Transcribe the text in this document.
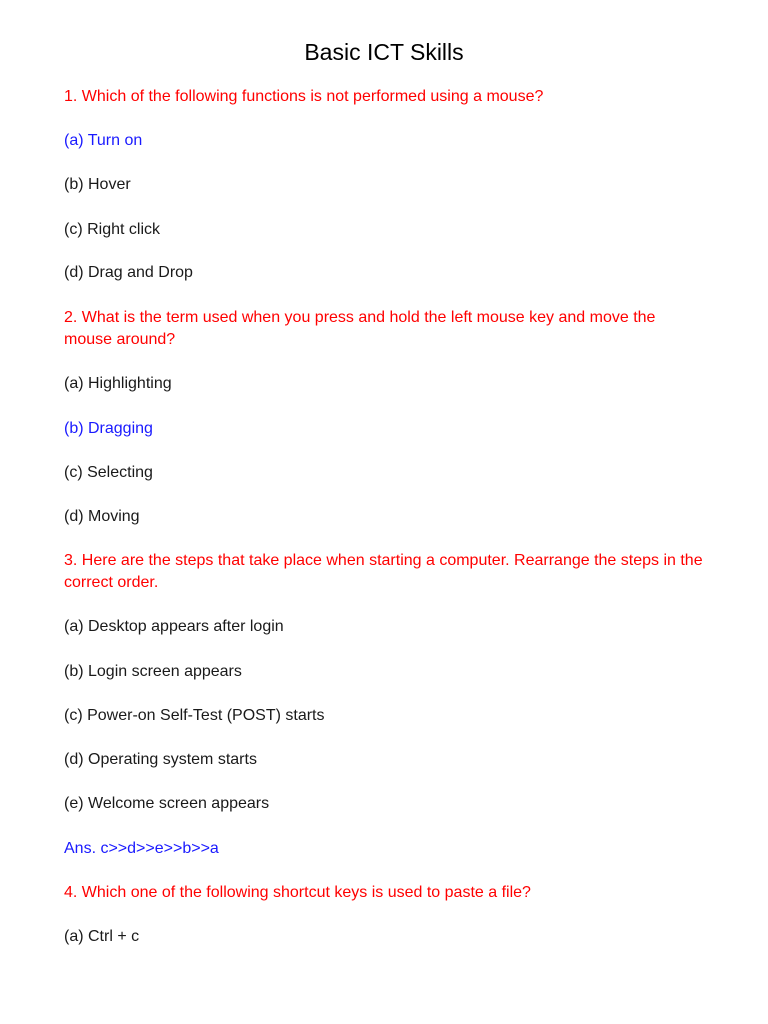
Basic ICT Skills
1. Which of the following functions is not performed using a mouse?
(a) Turn on
(b) Hover
(c) Right click
(d) Drag and Drop
2. What is the term used when you press and hold the left mouse key and move the
mouse around?
(a) Highlighting
(b) Dragging
(c) Selecting
(d) Moving
3. Here are the steps that take place when starting a computer. Rearrange the steps in the
correct order.
(a) Desktop appears after login
(b) Login screen appears
(c) Power-on Self-Test (POST) starts
(d) Operating system starts
(e) Welcome screen appears
Ans. c>>d>>e>>b>>a
4. Which one of the following shortcut keys is used to paste a file?
(a) Ctrl + c
